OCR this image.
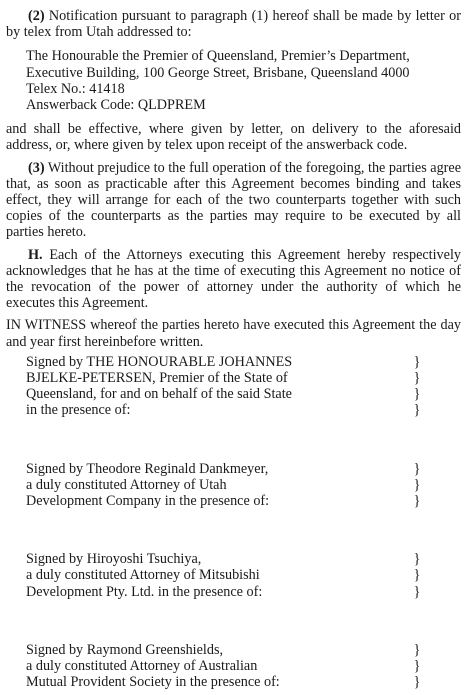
(2) Notification pursuant to paragraph (1) hereof shall be made by letter or by telex from Utah addressed to:

The Honourable the Premier of Queensland, Premier’s Department,
Executive Building, 100 George Street, Brisbane, Queensland 4000
Telex No.: 41418
Answerback Code: QLDPREM

and shall be effective, where given by letter, on delivery to the aforesaid address, or, where given by telex upon receipt of the answerback code.

(3) Without prejudice to the full operation of the foregoing, the parties agree that, as soon as practicable after this Agreement becomes binding and takes effect, they will arrange for each of the two counterparts together with such copies of the counterparts as the parties may require to be executed by all parties hereto.

H. Each of the Attorneys executing this Agreement hereby respectively acknowledges that he has at the time of executing this Agreement no notice of the revocation of the power of attorney under the authority of which he executes this Agreement.

IN WITNESS whereof the parties hereto have executed this Agreement the day and year first hereinbefore written.

Signed by THE HONOURABLE JOHANNES
BJELKE-PETERSEN, Premier of the State of
Queensland, for and on behalf of the said State
in the presence of:
}
}
}
}
Signed by Theodore Reginald Dankmeyer,
a duly constituted Attorney of Utah
Development Company in the presence of:
}
}
}
Signed by Hiroyoshi Tsuchiya,
a duly constituted Attorney of Mitsubishi
Development Pty. Ltd. in the presence of:
}
}
}
Signed by Raymond Greenshields,
a duly constituted Attorney of Australian
Mutual Provident Society in the presence of:
}
}
}
